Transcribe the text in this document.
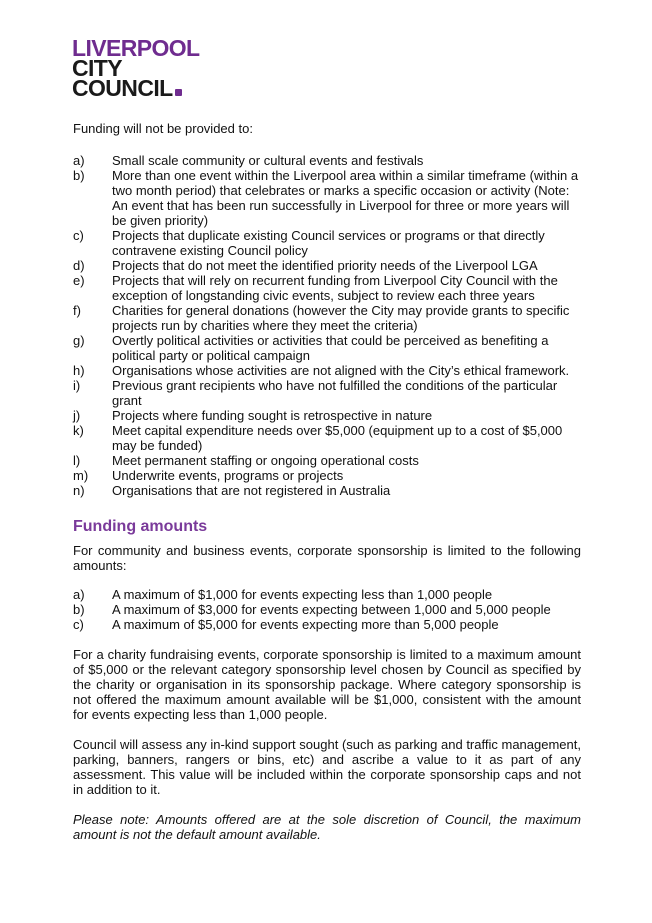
LIVERPOOL
CITY
COUNCIL

Funding will not be provided to:

a)	Small scale community or cultural events and festivals
b)	More than one event within the Liverpool area within a similar timeframe (within a two month period) that celebrates or marks a specific occasion or activity (Note: An event that has been run successfully in Liverpool for three or more years will be given priority)
c)	Projects that duplicate existing Council services or programs or that directly contravene existing Council policy
d)	Projects that do not meet the identified priority needs of the Liverpool LGA
e)	Projects that will rely on recurrent funding from Liverpool City Council with the exception of longstanding civic events, subject to review each three years
f)	Charities for general donations (however the City may provide grants to specific projects run by charities where they meet the criteria)
g)	Overtly political activities or activities that could be perceived as benefiting a political party or political campaign
h)	Organisations whose activities are not aligned with the City’s ethical framework.
i)	Previous grant recipients who have not fulfilled the conditions of the particular grant
j)	Projects where funding sought is retrospective in nature
k)	Meet capital expenditure needs over $5,000 (equipment up to a cost of $5,000 may be funded)
l)	Meet permanent staffing or ongoing operational costs
m)	Underwrite events, programs or projects
n)	Organisations that are not registered in Australia
Funding amounts

For community and business events, corporate sponsorship is limited to the following amounts:

a)	A maximum of $1,000 for events expecting less than 1,000 people
b)	A maximum of $3,000 for events expecting between 1,000 and 5,000 people
c)	A maximum of $5,000 for events expecting more than 5,000 people

For a charity fundraising events, corporate sponsorship is limited to a maximum amount of $5,000 or the relevant category sponsorship level chosen by Council as specified by the charity or organisation in its sponsorship package. Where category sponsorship is not offered the maximum amount available will be $1,000, consistent with the amount for events expecting less than 1,000 people.

Council will assess any in-kind support sought (such as parking and traffic management, parking, banners, rangers or bins, etc) and ascribe a value to it as part of any assessment. This value will be included within the corporate sponsorship caps and not in addition to it.

Please note: Amounts offered are at the sole discretion of Council, the maximum amount is not the default amount available.
